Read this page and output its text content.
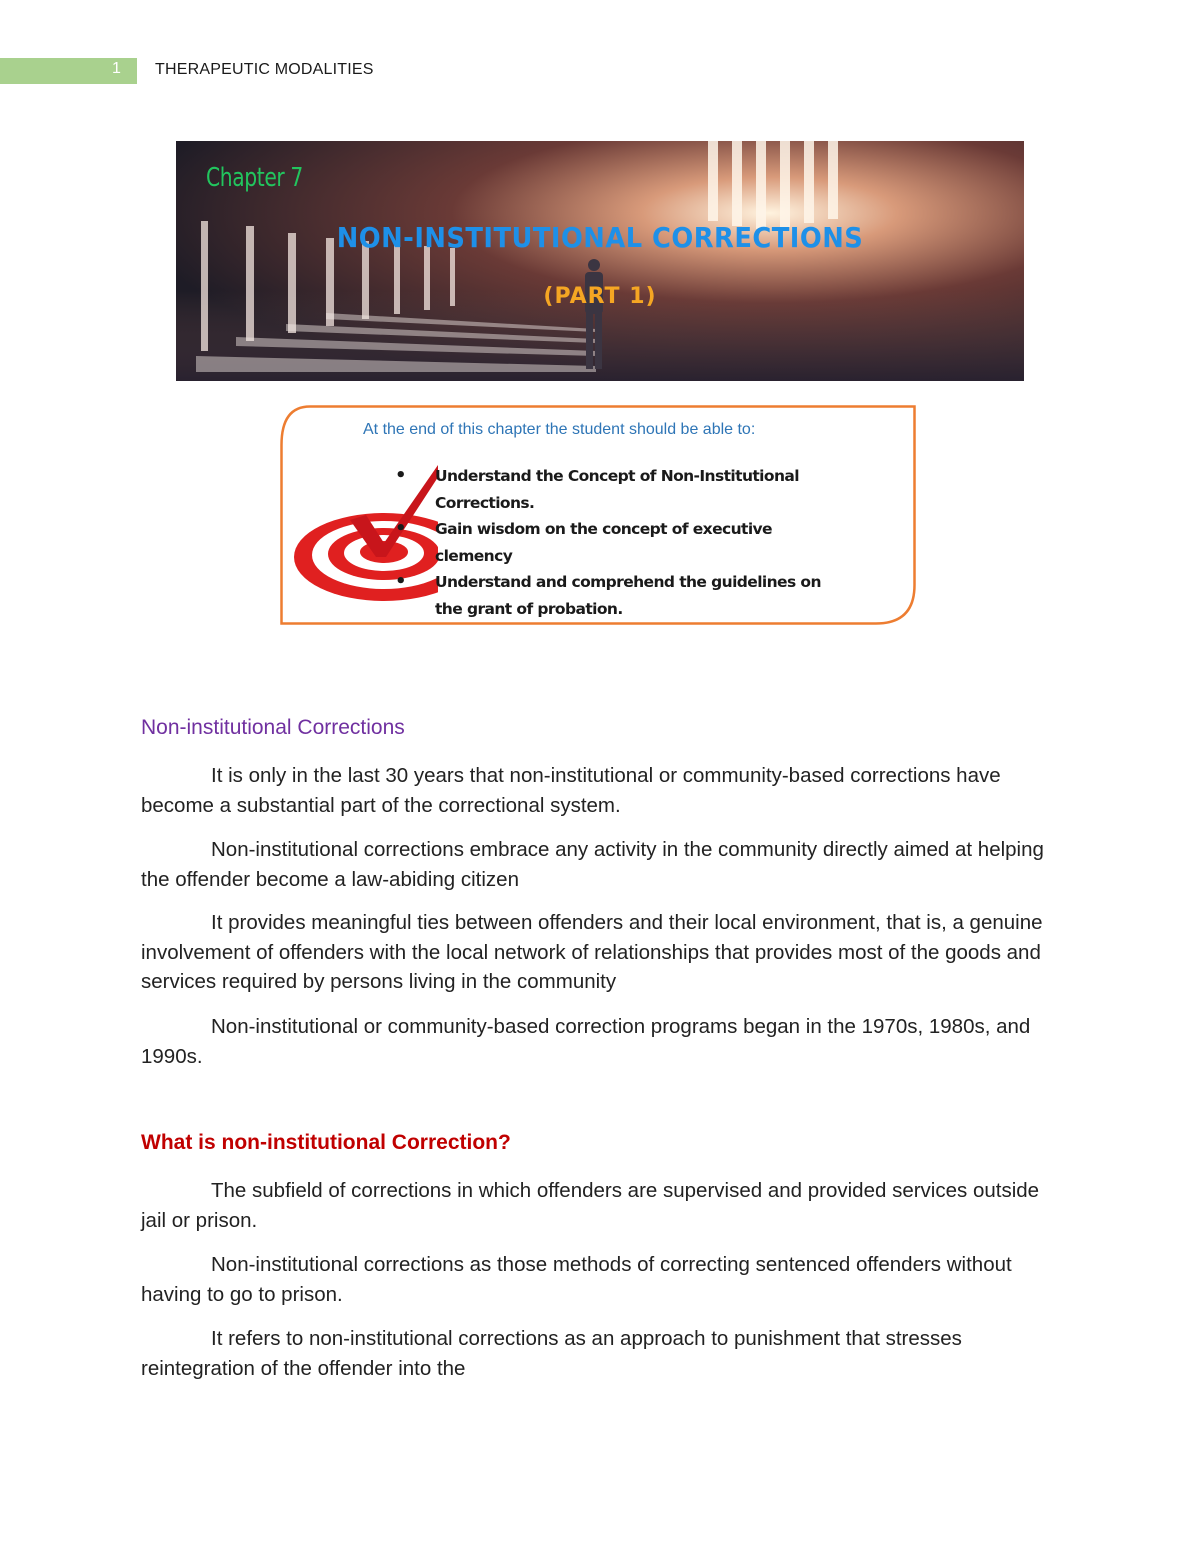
1 THERAPEUTIC MODALITIES
Chapter 7
NON-INSTITUTIONAL CORRECTIONS
(PART 1)
At the end of this chapter the student should be able to:
• Understand the Concept of Non-Institutional Corrections.
• Gain wisdom on the concept of executive clemency
• Understand and comprehend the guidelines on the grant of probation.
Non-institutional Corrections

It is only in the last 30 years that non-institutional or community-based corrections have become a substantial part of the correctional system.

Non-institutional corrections embrace any activity in the community directly aimed at helping the offender become a law-abiding citizen

It provides meaningful ties between offenders and their local environment, that is, a genuine involvement of offenders with the local network of relationships that provides most of the goods and services required by persons living in the community

Non-institutional or community-based correction programs began in the 1970s, 1980s, and 1990s.

What is non-institutional Correction?

The subfield of corrections in which offenders are supervised and provided services outside jail or prison.

Non-institutional corrections as those methods of correcting sentenced offenders without having to go to prison.

It refers to non-institutional corrections as an approach to punishment that stresses reintegration of the offender into the
